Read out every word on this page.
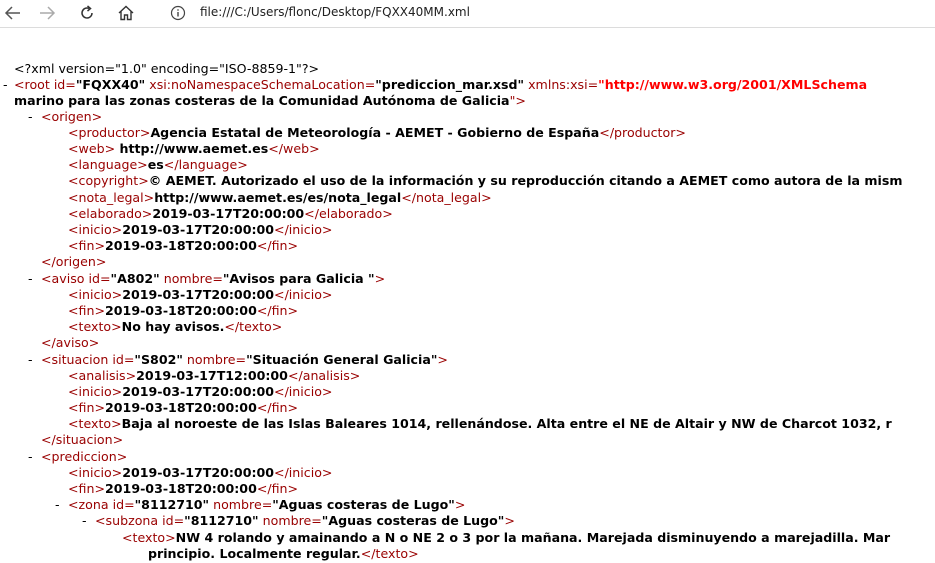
file:///C:/Users/flonc/Desktop/FQXX40MM.xml
<?xml version="1.0" encoding="ISO-8859-1"?>
- <root id="FQXX40" xsi:noNamespaceSchemaLocation="prediccion_mar.xsd" xmlns:xsi="http://www.w3.org/2001/XMLSchema
marino para las zonas costeras de la Comunidad Autónoma de Galicia">
- <origen>
<productor>Agencia Estatal de Meteorología - AEMET - Gobierno de España</productor>
<web> http://www.aemet.es</web>
<language>es</language>
<copyright>© AEMET. Autorizado el uso de la información y su reproducción citando a AEMET como autora de la mism
<nota_legal>http://www.aemet.es/es/nota_legal</nota_legal>
<elaborado>2019-03-17T20:00:00</elaborado>
<inicio>2019-03-17T20:00:00</inicio>
<fin>2019-03-18T20:00:00</fin>
</origen>
- <aviso id="A802" nombre="Avisos para Galicia ">
<inicio>2019-03-17T20:00:00</inicio>
<fin>2019-03-18T20:00:00</fin>
<texto>No hay avisos.</texto>
</aviso>
- <situacion id="S802" nombre="Situación General Galicia">
<analisis>2019-03-17T12:00:00</analisis>
<inicio>2019-03-17T20:00:00</inicio>
<fin>2019-03-18T20:00:00</fin>
<texto>Baja al noroeste de las Islas Baleares 1014, rellenándose. Alta entre el NE de Altair y NW de Charcot 1032, r
</situacion>
- <prediccion>
<inicio>2019-03-17T20:00:00</inicio>
<fin>2019-03-18T20:00:00</fin>
- <zona id="8112710" nombre="Aguas costeras de Lugo">
- <subzona id="8112710" nombre="Aguas costeras de Lugo">
<texto>NW 4 rolando y amainando a N o NE 2 o 3 por la mañana. Marejada disminuyendo a marejadilla. Mar
principio. Localmente regular.</texto>
